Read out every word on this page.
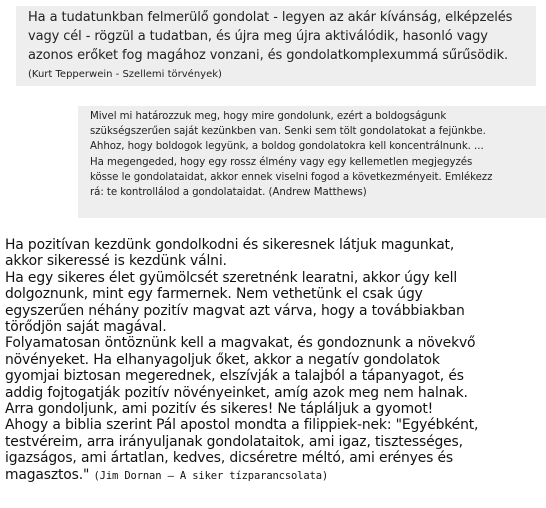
Ha a tudatunkban felmerülő gondolat - legyen az akár kívánság, elképzelés
vagy cél - rögzül a tudatban, és újra meg újra aktiválódik, hasonló vagy
azonos erőket fog magához vonzani, és gondolatkomplexummá sűrűsödik.
(Kurt Tepperwein - Szellemi törvények)
Mivel mi határozzuk meg, hogy mire gondolunk, ezért a boldogságunk
szükségszerűen saját kezünkben van. Senki sem tölt gondolatokat a fejünkbe.
Ahhoz, hogy boldogok legyünk, a boldog gondolatokra kell koncentrálnunk. ...
Ha megengeded, hogy egy rossz élmény vagy egy kellemetlen megjegyzés
kösse le gondolataidat, akkor ennek viselni fogod a következményeit. Emlékezz
rá: te kontrollálod a gondolataidat. (Andrew Matthews)
Ha pozitívan kezdünk gondolkodni és sikeresnek látjuk magunkat,
akkor sikeressé is kezdünk válni.
Ha egy sikeres élet gyümölcsét szeretnénk learatni, akkor úgy kell
dolgoznunk, mint egy farmernek. Nem vethetünk el csak úgy
egyszerűen néhány pozitív magvat azt várva, hogy a továbbiakban
törődjön saját magával.
Folyamatosan öntöznünk kell a magvakat, és gondoznunk a növekvő
növényeket. Ha elhanyagoljuk őket, akkor a negatív gondolatok
gyomjai biztosan megerednek, elszívják a talajból a tápanyagot, és
addig fojtogatják pozitív növényeinket, amíg azok meg nem halnak.
Arra gondoljunk, ami pozitív és sikeres! Ne tápláljuk a gyomot!
Ahogy a biblia szerint Pál apostol mondta a filippiek-nek: "Egyébként,
testvéreim, arra irányuljanak gondolataitok, ami igaz, tisztességes,
igazságos, ami ártatlan, kedves, dicséretre méltó, ami erényes és
magasztos." (Jim Dornan – A siker tízparancsolata)
